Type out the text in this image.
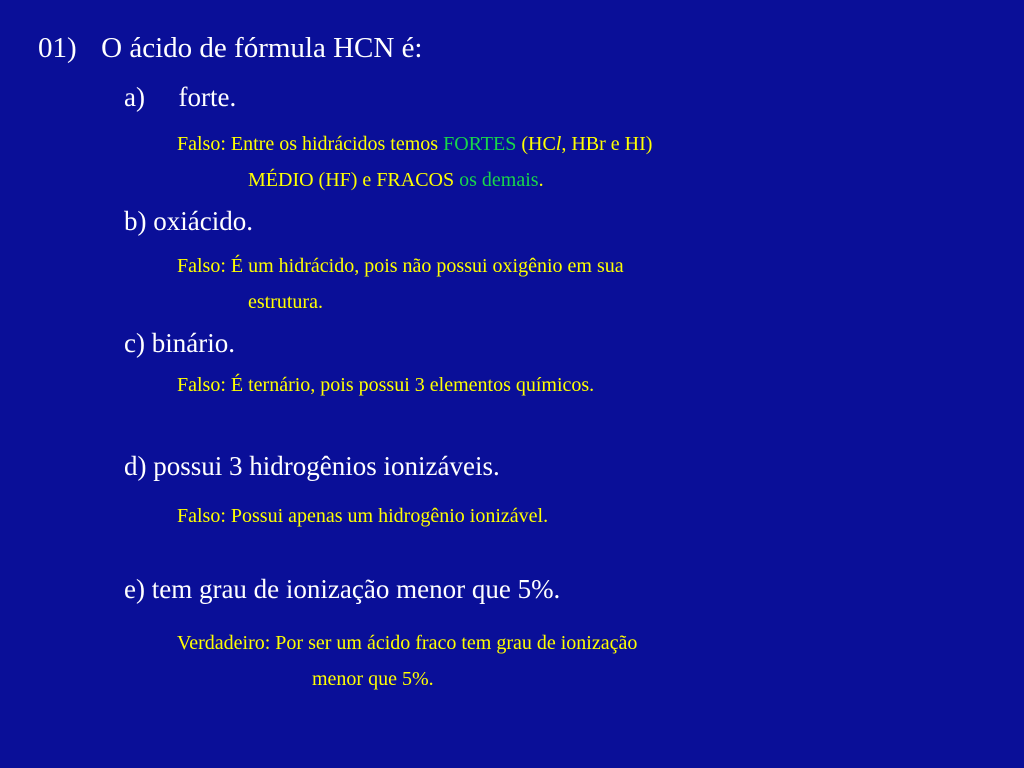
01) O ácido de fórmula HCN é:
a) forte.
Falso: Entre os hidrácidos temos FORTES (HCl, HBr e HI)
MÉDIO (HF) e FRACOS os demais.
b) oxiácido.
Falso: É um hidrácido, pois não possui oxigênio em sua
estrutura.
c) binário.
Falso: É ternário, pois possui 3 elementos químicos.
d) possui 3 hidrogênios ionizáveis.
Falso: Possui apenas um hidrogênio ionizável.
e) tem grau de ionização menor que 5%.
Verdadeiro: Por ser um ácido fraco tem grau de ionização
menor que 5%.
